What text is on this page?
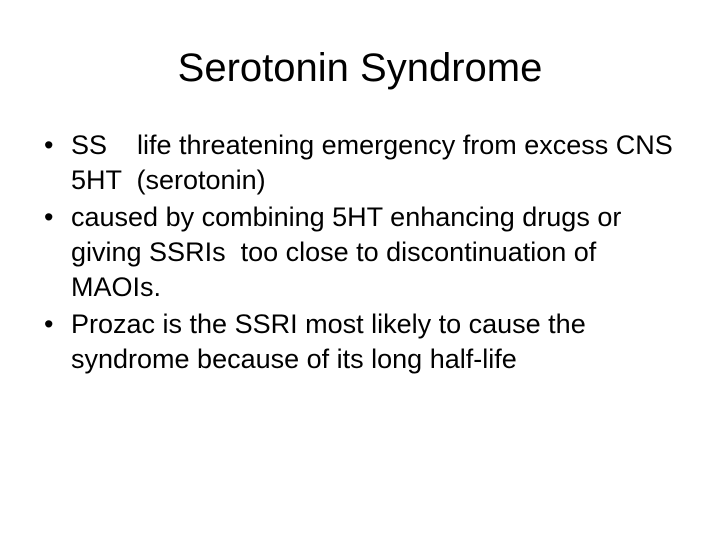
Serotonin Syndrome
• SS    life threatening emergency from excess CNS  5HT  (serotonin)
• caused by combining 5HT enhancing drugs or giving SSRIs  too close to discontinuation of MAOIs.
• Prozac is the SSRI most likely to cause the syndrome because of its long half-life
